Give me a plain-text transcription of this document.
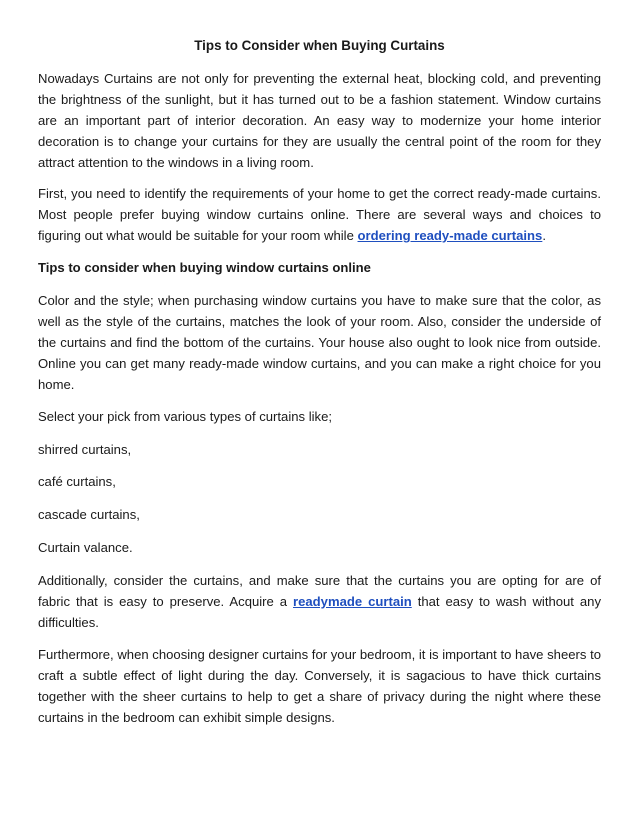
Tips to Consider when Buying Curtains

Nowadays Curtains are not only for preventing the external heat, blocking cold, and preventing the brightness of the sunlight, but it has turned out to be a fashion statement. Window curtains are an important part of interior decoration. An easy way to modernize your home interior decoration is to change your curtains for they are usually the central point of the room for they attract attention to the windows in a living room.

First, you need to identify the requirements of your home to get the correct ready-made curtains. Most people prefer buying window curtains online. There are several ways and choices to figuring out what would be suitable for your room while ordering ready-made curtains.

Tips to consider when buying window curtains online

Color and the style; when purchasing window curtains you have to make sure that the color, as well as the style of the curtains, matches the look of your room. Also, consider the underside of the curtains and find the bottom of the curtains. Your house also ought to look nice from outside. Online you can get many ready-made window curtains, and you can make a right choice for you home.

Select your pick from various types of curtains like;
shirred curtains,
café curtains,
cascade curtains,
Curtain valance.

Additionally, consider the curtains, and make sure that the curtains you are opting for are of fabric that is easy to preserve. Acquire a readymade curtain that easy to wash without any difficulties.

Furthermore, when choosing designer curtains for your bedroom, it is important to have sheers to craft a subtle effect of light during the day. Conversely, it is sagacious to have thick curtains together with the sheer curtains to help to get a share of privacy during the night where these curtains in the bedroom can exhibit simple designs.
